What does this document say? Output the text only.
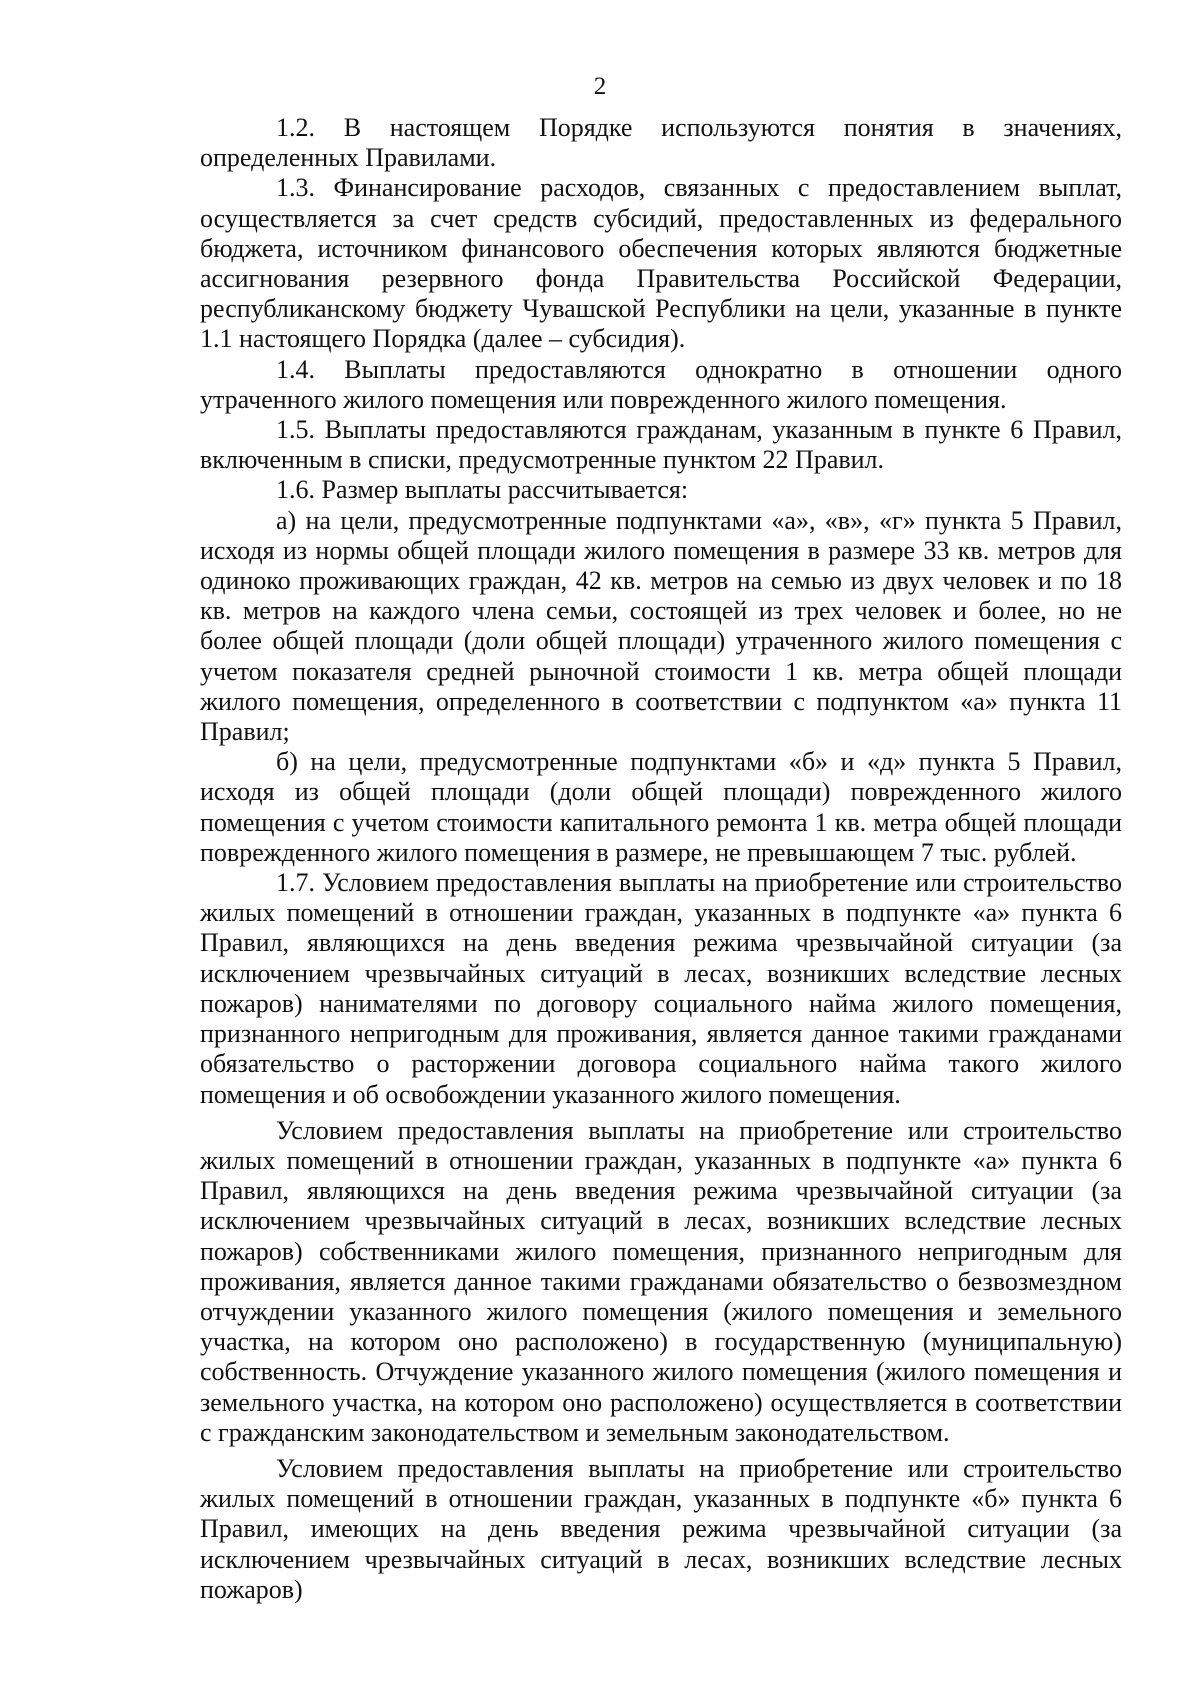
2

1.2. В настоящем Порядке используются понятия в значениях, определенных Правилами.

1.3. Финансирование расходов, связанных с предоставлением выплат, осуществляется за счет средств субсидий, предоставленных из федерального бюджета, источником финансового обеспечения которых являются бюджетные ассигнования резервного фонда Правительства Российской Федерации, республиканскому бюджету Чувашской Республики на цели, указанные в пункте 1.1 настоящего Порядка (далее – субсидия).

1.4. Выплаты предоставляются однократно в отношении одного утраченного жилого помещения или поврежденного жилого помещения.

1.5. Выплаты предоставляются гражданам, указанным в пункте 6 Правил, включенным в списки, предусмотренные пунктом 22 Правил.

1.6. Размер выплаты рассчитывается:

а) на цели, предусмотренные подпунктами «а», «в», «г» пункта 5 Правил, исходя из нормы общей площади жилого помещения в размере 33 кв. метров для одиноко проживающих граждан, 42 кв. метров на семью из двух человек и по 18 кв. метров на каждого члена семьи, состоящей из трех человек и более, но не более общей площади (доли общей площади) утраченного жилого помещения с учетом показателя средней рыночной стоимости 1 кв. метра общей площади жилого помещения, определенного в соответствии с подпунктом «а» пункта 11 Правил;

б) на цели, предусмотренные подпунктами «б» и «д» пункта 5 Правил, исходя из общей площади (доли общей площади) поврежденного жилого помещения с учетом стоимости капитального ремонта 1 кв. метра общей площади поврежденного жилого помещения в размере, не превышающем 7 тыс. рублей.

1.7. Условием предоставления выплаты на приобретение или строительство жилых помещений в отношении граждан, указанных в подпункте «а» пункта 6 Правил, являющихся на день введения режима чрезвычайной ситуации (за исключением чрезвычайных ситуаций в лесах, возникших вследствие лесных пожаров) нанимателями по договору социального найма жилого помещения, признанного непригодным для проживания, является данное такими гражданами обязательство о расторжении договора социального найма такого жилого помещения и об освобождении указанного жилого помещения.

Условием предоставления выплаты на приобретение или строительство жилых помещений в отношении граждан, указанных в подпункте «а» пункта 6 Правил, являющихся на день введения режима чрезвычайной ситуации (за исключением чрезвычайных ситуаций в лесах, возникших вследствие лесных пожаров) собственниками жилого помещения, признанного непригодным для проживания, является данное такими гражданами обязательство о безвозмездном отчуждении указанного жилого помещения (жилого помещения и земельного участка, на котором оно расположено) в государственную (муниципальную) собственность. Отчуждение указанного жилого помещения (жилого помещения и земельного участка, на котором оно расположено) осуществляется в соответствии с гражданским законодательством и земельным законодательством.

Условием предоставления выплаты на приобретение или строительство жилых помещений в отношении граждан, указанных в подпункте «б» пункта 6 Правил, имеющих на день введения режима чрезвычайной ситуации (за исключением чрезвычайных ситуаций в лесах, возникших вследствие лесных пожаров)
